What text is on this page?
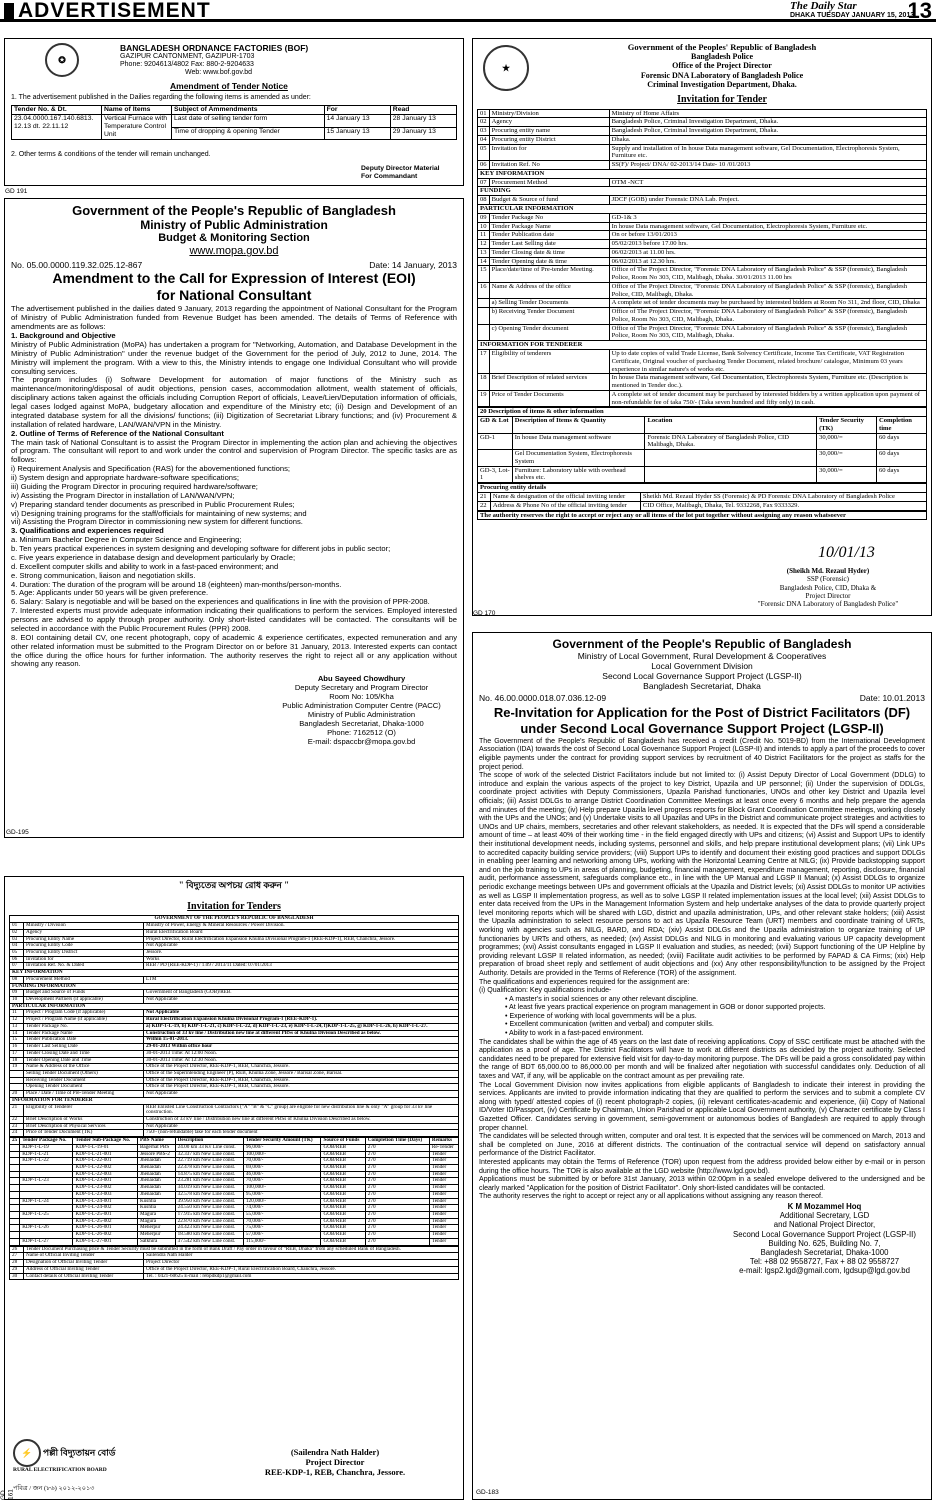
ADVERTISEMENT	The Daily Star
DHAKA TUESDAY JANUARY 15, 2013
13
✪
BANGLADESH ORDNANCE FACTORIES (BOF)
GAZIPUR CANTONMENT, GAZIPUR-1703
Phone: 9204613/4802 Fax: 880-2-9204633
Web: www.bof.gov.bd
Amendment of Tender Notice
1. The advertisement published in the Dailies regarding the following items is amended as under:
Tender No. & Dt.	Name of Items	Subject of Ammendments	For	Read
23.04.0000.167.140.6813. 12.13 dt. 22.11.12	Vertical Furnace with Temperature Control Unit	Last date of selling tender form	14 January 13	28 January 13
		Time of dropping & opening Tender	15 January 13	29 January 13
2. Other terms & conditions of the tender will remain unchanged.
Deputy Director Material For Commandant
GD 191
Government of the People's Republic of Bangladesh
Ministry of Public Administration
Budget & Monitoring Section
www.mopa.gov.bd
No. 05.00.0000.119.32.025.12-867	Date: 14 January, 2013
Amendment to the Call for Expression of Interest (EOI)
for National Consultant

The advertisement published in the dailies dated 9 January, 2013 regarding the appointment of National Consultant for the Program of Ministry of Public Administration funded from Revenue Budget has been amended. The details of Terms of Reference with amendments are as follows:

1. Background and Objective

Ministry of Public Administration (MoPA) has undertaken a program for "Networking, Automation, and Database Development in the Ministry of Public Administration" under the revenue budget of the Government for the period of July, 2012 to June, 2014. The Ministry will implement the program. With a view to this, the Ministry intends to engage one Individual Consultant who will provide consulting services.

The program includes (i) Software Development for automation of major functions of the Ministry such as maintenance/monitoring/disposal of audit objections, pension cases, accommodation allotment, wealth statement of officials, disciplinary actions taken against the officials including Corruption Report of officials, Leave/Lien/Deputation information of officials, legal cases lodged against MoPA, budgetary allocation and expenditure of the Ministry etc; (ii) Design and Development of an integrated database system for all the divisions/ functions; (iii) Digitization of Secretariat Library functions; and (iv) Procurement & installation of related hardware, LAN/WAN/VPN in the Ministry.

2. Outline of Terms of Reference of the National Consultant

The main task of National Consultant is to assist the Program Director in implementing the action plan and achieving the objectives of program. The consultant will report to and work under the control and supervision of Program Director. The specific tasks are as follows:

i) Requirement Analysis and Specification (RAS) for the abovementioned functions;
ii) System design and appropriate hardware-software specifications;
iii) Guiding the Program Director in procuring required hardware/software;
iv) Assisting the Program Director in installation of LAN/WAN/VPN;
v) Preparing standard tender documents as prescribed in Public Procurement Rules;
vi) Designing training programs for the staff/officials for maintaining of new systems; and
vii) Assisting the Program Director in commissioning new system for different functions.

3. Qualifications and experiences required

a. Minimum Bachelor Degree in Computer Science and Engineering;
b. Ten years practical experiences in system designing and developing software for different jobs in public sector;
c. Five years experience in database design and development particularly by Oracle;
d. Excellent computer skills and ability to work in a fast-paced environment; and
e. Strong communication, liaison and negotiation skills.

4. Duration: The duration of the program will be around 18 (eighteen) man-months/person-months.

5. Age: Applicants under 50 years will be given preference.

6. Salary: Salary is negotiable and will be based on the experiences and qualifications in line with the provision of PPR-2008.

7. Interested experts must provide adequate information indicating their qualifications to perform the services. Employed interested persons are advised to apply through proper authority. Only short-listed candidates will be contacted. The consultants will be selected in accordance with the Public Procurement Rules (PPR) 2008.

8. EOI containing detail CV, one recent photograph, copy of academic & experience certificates, expected remuneration and any other related information must be submitted to the Program Director on or before 31 January, 2013. Interested experts can contact the office during the office hours for further information. The authority reserves the right to reject all or any application without showing any reason.

Abu Sayeed Chowdhury
Deputy Secretary and Program Director
Room No: 105/Kha
Public Administration Computer Centre (PACC)
Ministry of Public Administration
Bangladesh Secretariat, Dhaka-1000
Phone: 7162512 (O)
E-mail: dspaccbr@mopa.gov.bd
GD-195
★
Government of the Peoples' Republic of Bangladesh
Bangladesh Police
Office of the Project Director
Forensic DNA Laboratory of Bangladesh Police
Criminal Investigation Department, Dhaka.
Invitation for Tender
01	Ministry/Division	Ministry of Home Affairs
02	Agency	Bangladesh Police, Criminal Investigation Department, Dhaka.
03	Procuring entity name	Bangladesh Police, Criminal Investigation Department, Dhaka.
04	Procuring entity District	Dhaka.
05	Invitation for	Supply and installation of In house Data management software, Gel Documentation, Electrophoresis System, Furniture etc.
06	Invitation Ref. No	SS(F)/ Project/ DNA/ 02-2013/14 Date- 10 /01/2013
KEY INFORMATION		
07	Procurement Method	OTM -NCT
FUNDING		
08	Budget & Source of fund	JDCF (GOB) under Forensic DNA Lab. Project.
PARTICULAR INFORMATION		
09	Tender Package No	GD-1& 3
10	Tender Package Name	In house Data management software, Gel Documentation, Electrophoresis System, Furniture etc.
11	Tender Publication date	On or before 13/01/2013
12	Tender Last Selling date	05/02/2013 before 17.00 hrs.
13	Tender Closing date & time	06/02/2013 at 11.00 hrs.
14	Tender Opening date & time	06/02/2013 at 12.30 hrs.
15	Place/date/time of Pre-tender Meeting.	Office of The Project Director, "Forensic DNA Laboratory of Bangladesh Police" & SSP (forensic), Bangladesh Police, Room No 303, CID, Malibagh, Dhaka. 30/01/2013 11.00 hrs
16	Name & Address of the office	Office of The Project Director, "Forensic DNA Laboratory of Bangladesh Police" & SSP (forensic), Bangladesh Police, CID, Malibagh, Dhaka.
	a) Selling Tender Documents	A complete set of tender documents may be purchased by interested bidders at Room No 311, 2nd floor, CID, Dhaka
	b) Receiving Tender Document	Office of The Project Director, "Forensic DNA Laboratory of Bangladesh Police" & SSP (forensic), Bangladesh Police, Room No 303, CID, Malibagh, Dhaka.
	c) Opening Tender document	Office of The Project Director, "Forensic DNA Laboratory of Bangladesh Police" & SSP (forensic), Bangladesh Police, Room No 303, CID, Malibagh, Dhaka.
INFORMATION FOR TENDERER		
17	Eligibility of tenderers	Up to date copies of valid Trade License, Bank Solvency Certificate, Income Tax Certificate, VAT Registration Certificate, Original voucher of purchasing Tender Document, related brochure/ catalogue, Minimum 03 years experience in similar nature's of works etc.
18	Brief Description of related services	In house Data management software, Gel Documentation, Electrophoresis System, Furniture etc. (Description is mentioned in Tender doc.).
19	Price of Tender Documents	A complete set of tender document may be purchased by interested bidders by a written application upon payment of non-refundable fee of taka 750/- (Taka seven hundred and fifty only) in cash.
20 Description of items & other information				
GD & Lot	Description of Items & Quantity	Location	Tender Security (TK)	Completion time
GD-1	In house Data management software	Forensic DNA Laboratory of Bangladesh Police, CID Malibagh, Dhaka.	30,000/=	60 days
	Gel Documentation System, Electrophoresis System		30,000/=	60 days
GD-3, Lot-1	Furniture: Laboratory table with overhead shelves etc.		30,000/=	60 days
Procuring entity details		
21	Name & designation of the official inviting tender	Sheikh Md. Rezaul Hyder SS (Forensic) & PD Forensic DNA Laboratory of Bangladesh Police
22	Address & Phone No of the official inviting tender	CID Office, Malibagh, Dhaka, Tel. 9332268, Fax 9333329.
The authority reserves the right to accept or reject any or all items of the lot put together without assigning any reason whatsoever
10/01/13
(Sheikh Md. Rezaul Hyder)
SSP (Forensic)
Bangladesh Police, CID, Dhaka &
Project Director
"Forensic DNA Laboratory of Bangladesh Police"
GD 170
" বিদ্যুতের অপচয় রোধ করুন "
Invitation for Tenders
GOVERNMENT OF THE PEOPLE'S REPUBLIC OF BANGLADESH		
01	Ministry / Division	Ministry of Power, Energy & Mineral Resources / Power Division.
02	Agency	Rural Electrification Board
03	Procuring Entity Name	Project Director, Rural Electrification Expansion Khulna Divisional Program-1 (REE-KDP-1), REB, Chanchra, Jessore.
04	Procuring Entity Code	Not Applicable
05	Procuring Entity District	Jessore.
06	Invitation for	Works
07	Invitation Ref. No. & Dated	REB / PD (REE-KDP-1) / 1.09 / 2013/11 Dated: 07/01/2013
KEY INFORMATION		
08	Procurement Method	LTM
FUNDING INFORMATION		
09	Budget and Source of Funds	Government of Bangladesh (GOB)/REB.
10	Development Partners (if applicable)	Not Applicable
PARTICULAR INFORMATION		
11	Project / Program Code (if applicable)	Not Applicable
12	Project / Program Name (if applicable)	Rural Electrification Expansion Khulna Divisional Program-1 (REE-KDP-1).
13	Tender Package No.	a) KDP-1-L-19, b) KDP-1-L-21, c) KDP-1-L-22, d) KDP-1-L-23, e) KDP-1-L-24, f)KDP-1-L-25, g) KDP-1-L-26, h) KDP-1-L-27.
14	Tender Package Name	Construction of 33 kv line / Distribution new line at different PBSs of Khulna Division Described as below.
15	Tender Publication Date	Within 15-01-2013.
16	Tender Last Selling Date	29-01-2013 Within office hour
17	Tender Closing Date and Time	30-01-2013 Time: At 12:00 Noon.
18	Tender Opening Date and Time	30-01-2013 Time: At 12:30 Noon.
19	Name & Address of the Office	Office of the Project Director, REE-KDP-1, REB, Chanchra, Jessore.
	Selling Tender Document (Others)	Office of the Superintending Engineer (P), REB, Khulna Zone, Jessore / Barisal Zone, Barisal.
	Receiving Tender Document	Office of the Project Director, REE-KDP-1, REB, Chanchra, Jessore.
	Opening Tender Document	Office of the Project Director, REE-KDP-1, REB, Chanchra, Jessore.
20	Place / Date / Time of Pre-Tender Meeting	Not Applicable
INFORMATION FOR TENDERER		
21	Eligibility of Tenderer	REB Enlisted Line Construction Contractors ("A" "B" & "C" group) are eligible for new distribution line & only "A" group for 33 kv line construction.
22	Brief Description of Works	Construction of 33 kV line / Distribution new line at different PBSs of Khulna Division Described as below.
23	Brief Description of Physical Services	Not Applicable
24	Price of Tender Document (TK)	750/- (non-refundable) take for each tender document
25	Tender Package No.	Tender Sub-Package No.	PBS Name	Description	Tender Security Amount (TK)	Source of Funds	Completion Time (Days)	Remarks
	KDP-1-L-19	KDP-1-L-19-01	Bagerhat PBS	24.00 km 33 Kv Line const.	96,000/-	GOB/REB	270	Re-Tender
	KDP-1-L-21	KDP-1-L-21-001	Jessore PBS-2	32.337 km New Line const.	100,000/-	GOB/REB	270	Tender
	KDP-1-L-22	KDP-1-L-22-001	Jhenaidah	22.719 km New Line const.	70,000/-	GOB/REB	270	Tender
		KDP-1-L-22-002	Jhenaidah	22.478 km New Line const.	69,000/-	GOB/REB	270	Tender
		KDP-1-L-22-003	Jhenaidah	14.875 km New Line const.	46,000/-	GOB/REB	270	Tender
	KDP-1-L-23	KDP-1-L-23-001	Jhenaidah	23.281 km New Line const.	70,000/-	GOB/REB	270	Tender
		KDP-1-L-23-002	Jhenaidah	34.019 km New Line const.	100,000/-	GOB/REB	270	Tender
		KDP-1-L-23-003	Jhenaidah	32.578 km New Line const.	95,000/-	GOB/REB	270	Tender
	KDP-1-L-24	KDP-1-L-24-001	Kushtia	39.950 km New Line const.	120,000/-	GOB/REB	270	Tender
		KDP-1-L-24-002	Kushtia	24.550 km New Line const.	74,000/-	GOB/REB	270	Tender
	KDP-1-L-25	KDP-1-L-25-001	Magura	17.915 km New Line const.	55,000/-	GOB/REB	270	Tender
		KDP-1-L-25-002	Magura	22.870 km New Line const.	70,000/-	GOB/REB	270	Tender
	KDP-1-L-26	KDP-1-L-26-001	Meherpur	24.423 km New Line const.	75,000/-	GOB/REB	270	Tender
		KDP-1-L-26-002	Meherpur	18.580 km New Line const.	57,000/-	GOB/REB	270	Tender
	KDP-1-L-27	KDP-1-L-27-001	Satkhira	37.542 km New Line const.	115,000/-	GOB/REB	270	Tender
26	Tender Document Purchasing price & Tender Security must be submitted in the form of Bank Draft / Pay order in favour of "REB, Dhaka" from any scheduled Bank of Bangladesh.	
27	Name of Official Inviting Tender	Sailendra Nath Halder
28	Designation of Official Inviting Tender	Project Director
29	Address of Official Inviting Tender	Office of the Project Director, REE-KDP-1, Rural Electrification Board, Chanchra, Jessore.
30	Contact details of Official Inviting Tender	Tel. : 0421-60625 E-mail : rebpdkdp1@gmail.com
⚡ পল্লী বিদ্যুতায়ন বোর্ড
RURAL ELECTRIFICATION BOARD
পবিত্র / জন (৮৬) ২০১২-২০১৩
(Sailendra Nath Halder)
Project Director
REE-KDP-1, REB, Chanchra, Jessore.
GD 161
Government of the People's Republic of Bangladesh
Ministry of Local Government, Rural Development & Cooperatives
Local Government Division
Second Local Governance Support Project (LGSP-II)
Bangladesh Secretariat, Dhaka
No. 46.00.0000.018.07.036.12-09	Date: 10.01.2013
Re-Invitation for Application for the Post of District Facilitators (DF)
under Second Local Governance Support Project (LGSP-II)

The Government of the People's Republic of Bangladesh has received a credit (Credit No. 5019-BD) from the International Development Association (IDA) towards the cost of Second Local Governance Support Project (LGSP-II) and intends to apply a part of the proceeds to cover eligible payments under the contract for providing support services by recruitment of 40 District Facilitators for the project as staffs for the project period.

The scope of work of the selected District Facilitators include but not limited to: (i) Assist Deputy Director of Local Government (DDLG) to introduce and explain the various aspects of the project to key District, Upazila and UP personnel; (ii) Under the supervision of DDLGs, coordinate project activities with Deputy Commissioners, Upazila Parishad functionaries, UNOs and other key District and Upazila level officials; (iii) Assist DDLGs to arrange District Coordination Committee Meetings at least once every 6 months and help prepare the agenda and minutes of the meeting; (iv) Help prepare Upazila level progress reports for Block Grant Coordination Committee meetings, working closely with the UPs and the UNOs; and (v) Undertake visits to all Upazilas and UPs in the District and communicate project strategies and activities to UNOs and UP chairs, members, secretaries and other relevant stakeholders, as needed. It is expected that the DFs will spend a considerable amount of time – at least 40% of their working time - in the field engaged directly with UPs and citizens; (vi) Assist and Support UPs to identify their institutional development needs, including systems, personnel and skills, and help prepare institutional development plans; (vii) Link UPs to accredited capacity building service providers; (viii) Support UPs to identify and document their existing good practices and support DDLGs in enabling peer learning and networking among UPs, working with the Horizontal Learning Centre at NILG; (ix) Provide backstopping support and on the job training to UPs in areas of planning, budgeting, financial management, expenditure management, reporting, disclosure, financial audit, performance assessment, safeguards compliance etc., in line with the UP Manual and LGSP II Manual; (x) Assist DDLGs to organize periodic exchange meetings between UPs and government officials at the Upazila and District levels; (xi) Assist DDLGs to monitor UP activities as well as LGSP II implementation progress, as well as to solve LGSP II related implementation issues at the local level; (xii) Assist DDLGs to enter data received from the UPs in the Management Information System and help undertake analyses of the data to provide quarterly project level monitoring reports which will be shared with LGD, district and upazila administration, UPs, and other relevant stake holders; (xiii) Assist the Upazila administration to select resource persons to act as Upazila Resource Team (URT) members and coordinate training of URTs, working with agencies such as NILG, BARD, and RDA; (xiv) Assist DDLGs and the Upazila administration to organize training of UP functionaries by URTs and others, as needed; (xv) Assist DDLGs and NILG in monitoring and evaluating various UP capacity development programmes; (xvi) Assist consultants engaged in LGSP II evaluation and studies, as needed; (xvii) Support functioning of the UP Helpline by providing relevant LGSP II related information, as needed; (xviii) Facilitate audit activities to be performed by FAPAD & CA Firms; (xix) Help preparation of broad sheet reply and settlement of audit objections and (xx) Any other responsibility/function to be assigned by the Project Authority. Details are provided in the Terms of Reference (TOR) of the assignment.

The qualifications and experiences required for the assignment are:

(i) Qualification: Key qualifications include-

• A master's in social sciences or any other relevant discipline.
• At least five years practical experience on program management in GOB or donor supported projects.
• Experience of working with local governments will be a plus.
• Excellent communication (written and verbal) and computer skills.
• Ability to work in a fast-paced environment.

The candidates shall be within the age of 45 years on the last date of receiving applications. Copy of SSC certificate must be attached with the application as a proof of age. The District Facilitators will have to work at different districts as decided by the project authority. Selected candidates need to be prepared for extensive field visit for day-to-day monitoring purpose. The DFs will be paid a gross consolidated pay within the range of BDT 65,000.00 to 86,000.00 per month and will be finalized after negotiation with successful candidates only. Deduction of all taxes and VAT, if any, will be applicable on the contract amount as per prevailing rate.

The Local Government Division now invites applications from eligible applicants of Bangladesh to indicate their interest in providing the services. Applicants are invited to provide information indicating that they are qualified to perform the services and to submit a complete CV along with typed/ attested copies of (i) recent photograph-2 copies, (ii) relevant certificates-academic and experience, (iii) Copy of National ID/Voter ID/Passport, (iv) Certificate by Chairman, Union Parishad or applicable Local Government authority, (v) Character certificate by Class I Gazetted Officer. Candidates serving in government, semi-government or autonomous bodies of Bangladesh are required to apply through proper channel.

The candidates will be selected through written, computer and oral test. It is expected that the services will be commenced on March, 2013 and shall be completed on June, 2016 at different districts. The continuation of the contractual service will depend on satisfactory annual performance of the District Facilitator.

Interested applicants may obtain the Terms of Reference (TOR) upon request from the address provided below either by e-mail or in person during the office hours. The TOR is also available at the LGD website (http://www.lgd.gov.bd).

Applications must be submitted by or before 31st January, 2013 within 02:00pm in a sealed envelope delivered to the undersigned and be clearly marked "Application for the position of District Facilitator". Only short-listed candidates will be contacted.

The authority reserves the right to accept or reject any or all applications without assigning any reason thereof.

K M Mozammel Hoq
Additional Secretary, LGD
and National Project Director,
Second Local Governance Support Project (LGSP-II)
Building No. 625, Building No. 7,
Bangladesh Secretariat, Dhaka-1000
Tel: +88 02 9558727, Fax + 88 02 9558727
e-mail: lgsp2.lgd@gmail.com, lgdsup@lgd.gov.bd
GD-183
